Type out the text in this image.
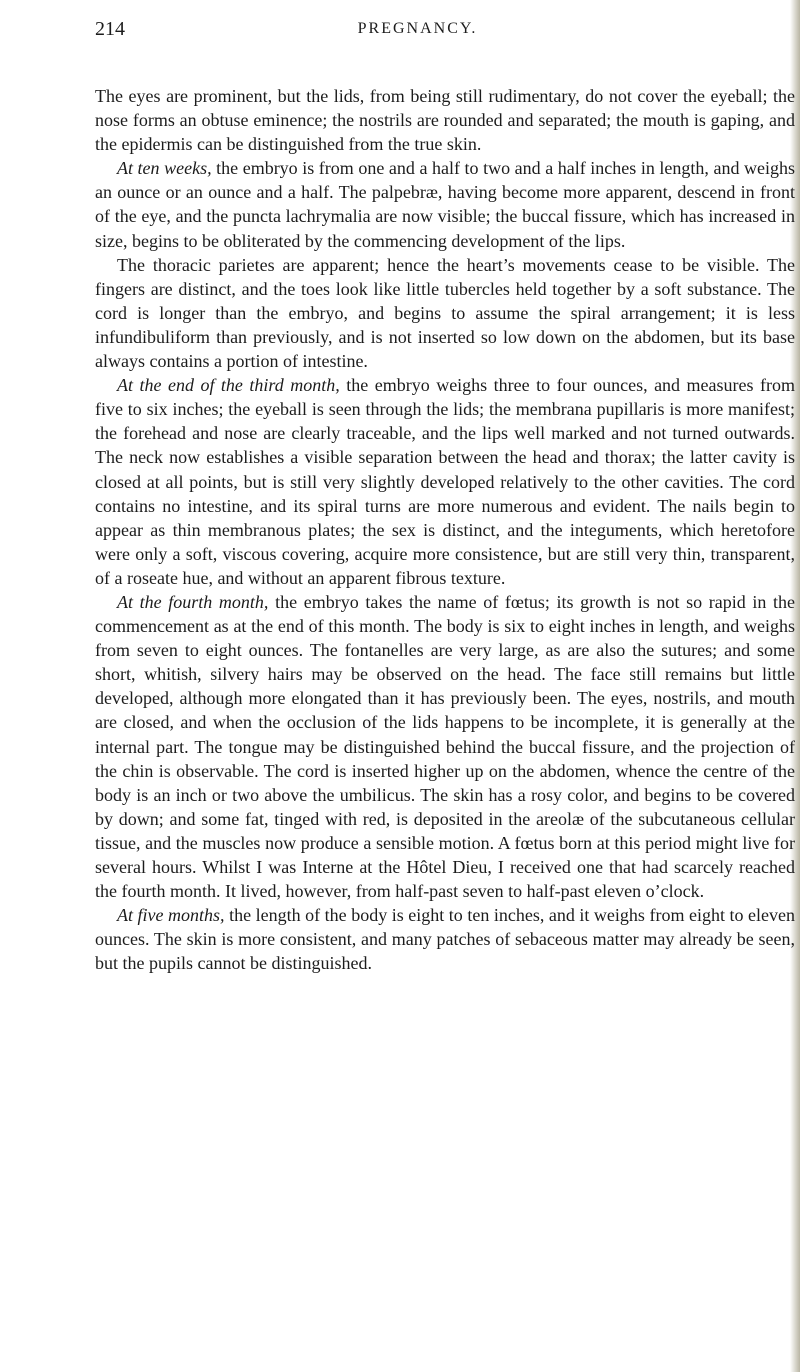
214	PREGNANCY.

The eyes are prominent, but the lids, from being still rudimentary, do not cover the eyeball; the nose forms an obtuse eminence; the nostrils are rounded and separated; the mouth is gaping, and the epidermis can be distinguished from the true skin.

At ten weeks, the embryo is from one and a half to two and a half inches in length, and weighs an ounce or an ounce and a half. The palpebræ, having become more apparent, descend in front of the eye, and the puncta lachrymalia are now visible; the buccal fissure, which has increased in size, begins to be obliterated by the commencing development of the lips.

The thoracic parietes are apparent; hence the heart’s movements cease to be visible. The fingers are distinct, and the toes look like little tubercles held together by a soft substance. The cord is longer than the embryo, and begins to assume the spiral arrangement; it is less infundibuliform than previously, and is not inserted so low down on the abdomen, but its base always contains a portion of intestine.

At the end of the third month, the embryo weighs three to four ounces, and measures from five to six inches; the eyeball is seen through the lids; the membrana pupillaris is more manifest; the forehead and nose are clearly traceable, and the lips well marked and not turned outwards. The neck now establishes a visible separation between the head and thorax; the latter cavity is closed at all points, but is still very slightly developed relatively to the other cavities. The cord contains no intestine, and its spiral turns are more numerous and evident. The nails begin to appear as thin membranous plates; the sex is distinct, and the integuments, which heretofore were only a soft, viscous covering, acquire more consistence, but are still very thin, transparent, of a roseate hue, and without an apparent fibrous texture.

At the fourth month, the embryo takes the name of fœtus; its growth is not so rapid in the commencement as at the end of this month. The body is six to eight inches in length, and weighs from seven to eight ounces. The fontanelles are very large, as are also the sutures; and some short, whitish, silvery hairs may be observed on the head. The face still remains but little developed, although more elongated than it has previously been. The eyes, nostrils, and mouth are closed, and when the occlusion of the lids happens to be incomplete, it is generally at the internal part. The tongue may be distinguished behind the buccal fissure, and the projection of the chin is observable. The cord is inserted higher up on the abdomen, whence the centre of the body is an inch or two above the umbilicus. The skin has a rosy color, and begins to be covered by down; and some fat, tinged with red, is deposited in the areolæ of the subcutaneous cellular tissue, and the muscles now produce a sensible motion. A fœtus born at this period might live for several hours. Whilst I was Interne at the Hôtel Dieu, I received one that had scarcely reached the fourth month. It lived, however, from half-past seven to half-past eleven o’clock.

At five months, the length of the body is eight to ten inches, and it weighs from eight to eleven ounces. The skin is more consistent, and many patches of sebaceous matter may already be seen, but the pupils cannot be distinguished.
